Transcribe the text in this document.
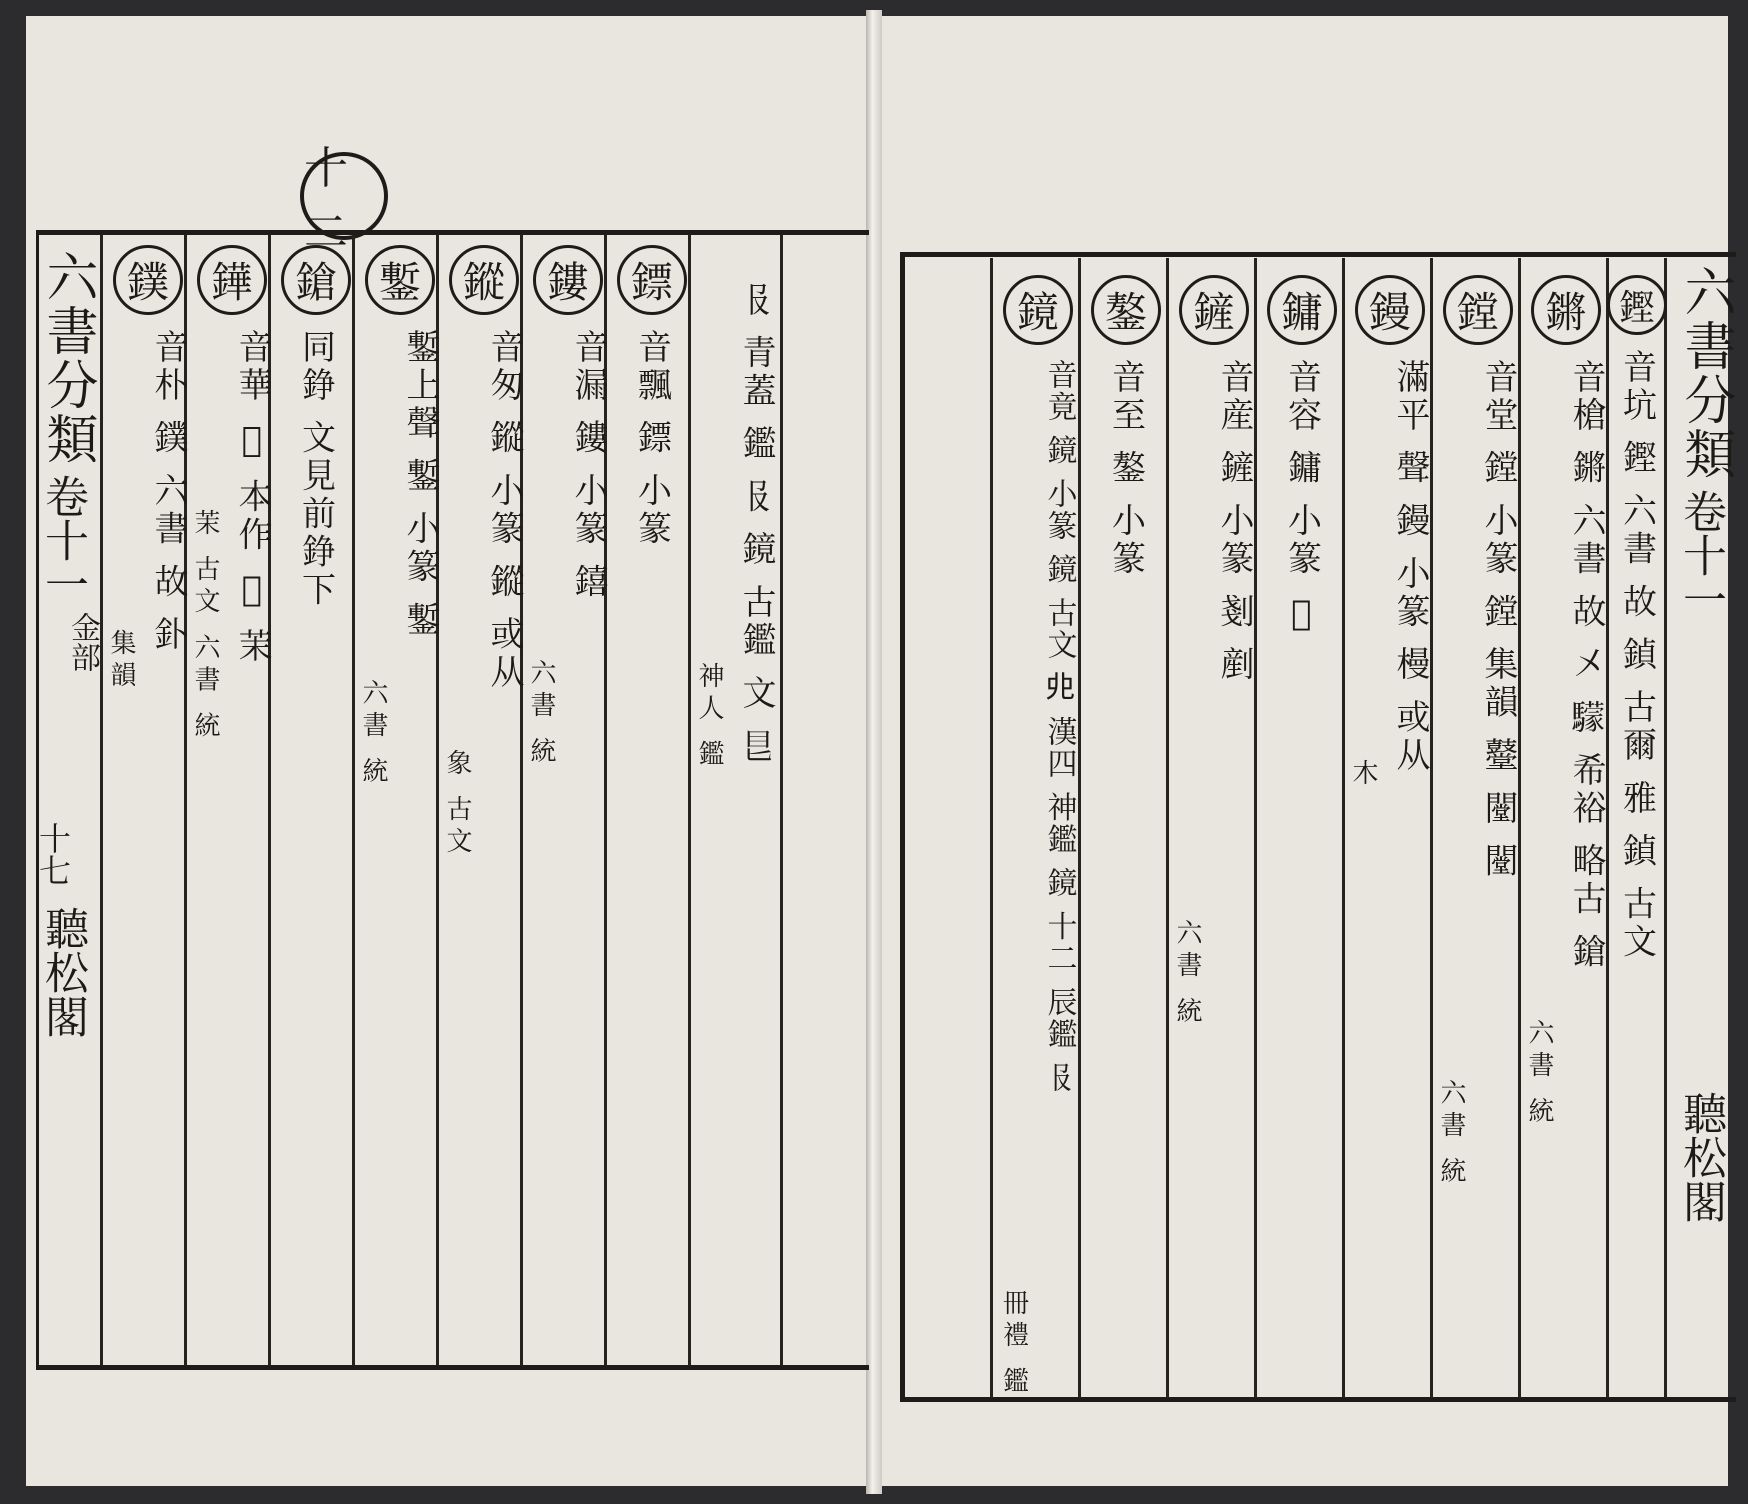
十二
六書分類
卷十一
金部
十七
聽松閣
𠬝 青蓋 鑑 𠬝 鏡 古鑑 文 𥃩
神人 鑑
鏢
音飄 鏢 小篆
鏤
音漏 鏤 小篆 𨭎
六書 統
鏦
音匆 鏦 小篆 鏦 或从
象 古文
鏨
鏨上聲 鏨 小篆 鏨
六書 統
鎗
同錚 文見前錚下
鏵
音華 𠂬 本作 𠂬 茉
茉 古文 六書 統
鏷
音朴 鏷 六書 故 釙
集韻
六書分類
卷十一
聽松閣
鏗
音坑 鏗 六書 故 鍞 古爾 雅 鍞 古文
鏘
音槍 鏘 六書 故 㐅 𩦺 希裕 略古 鎗
六書 統
鏜
音堂 鏜 小篆 鏜 集韻 鼞 闛 闛
六書 統
鏝
滿平 聲 鏝 小篆 槾 或从
木
鏞
音容 鏞 小篆 𨭰
鏟
音産 鏟 小篆 剗 剷
六書 統
鏊
音至 鏊 小篆
鏡
音竟 鏡 小篆 鏡 古文 𠑹 漢四 神鑑 鏡 十二 辰鑑 𠬝
冊禮 鑑
